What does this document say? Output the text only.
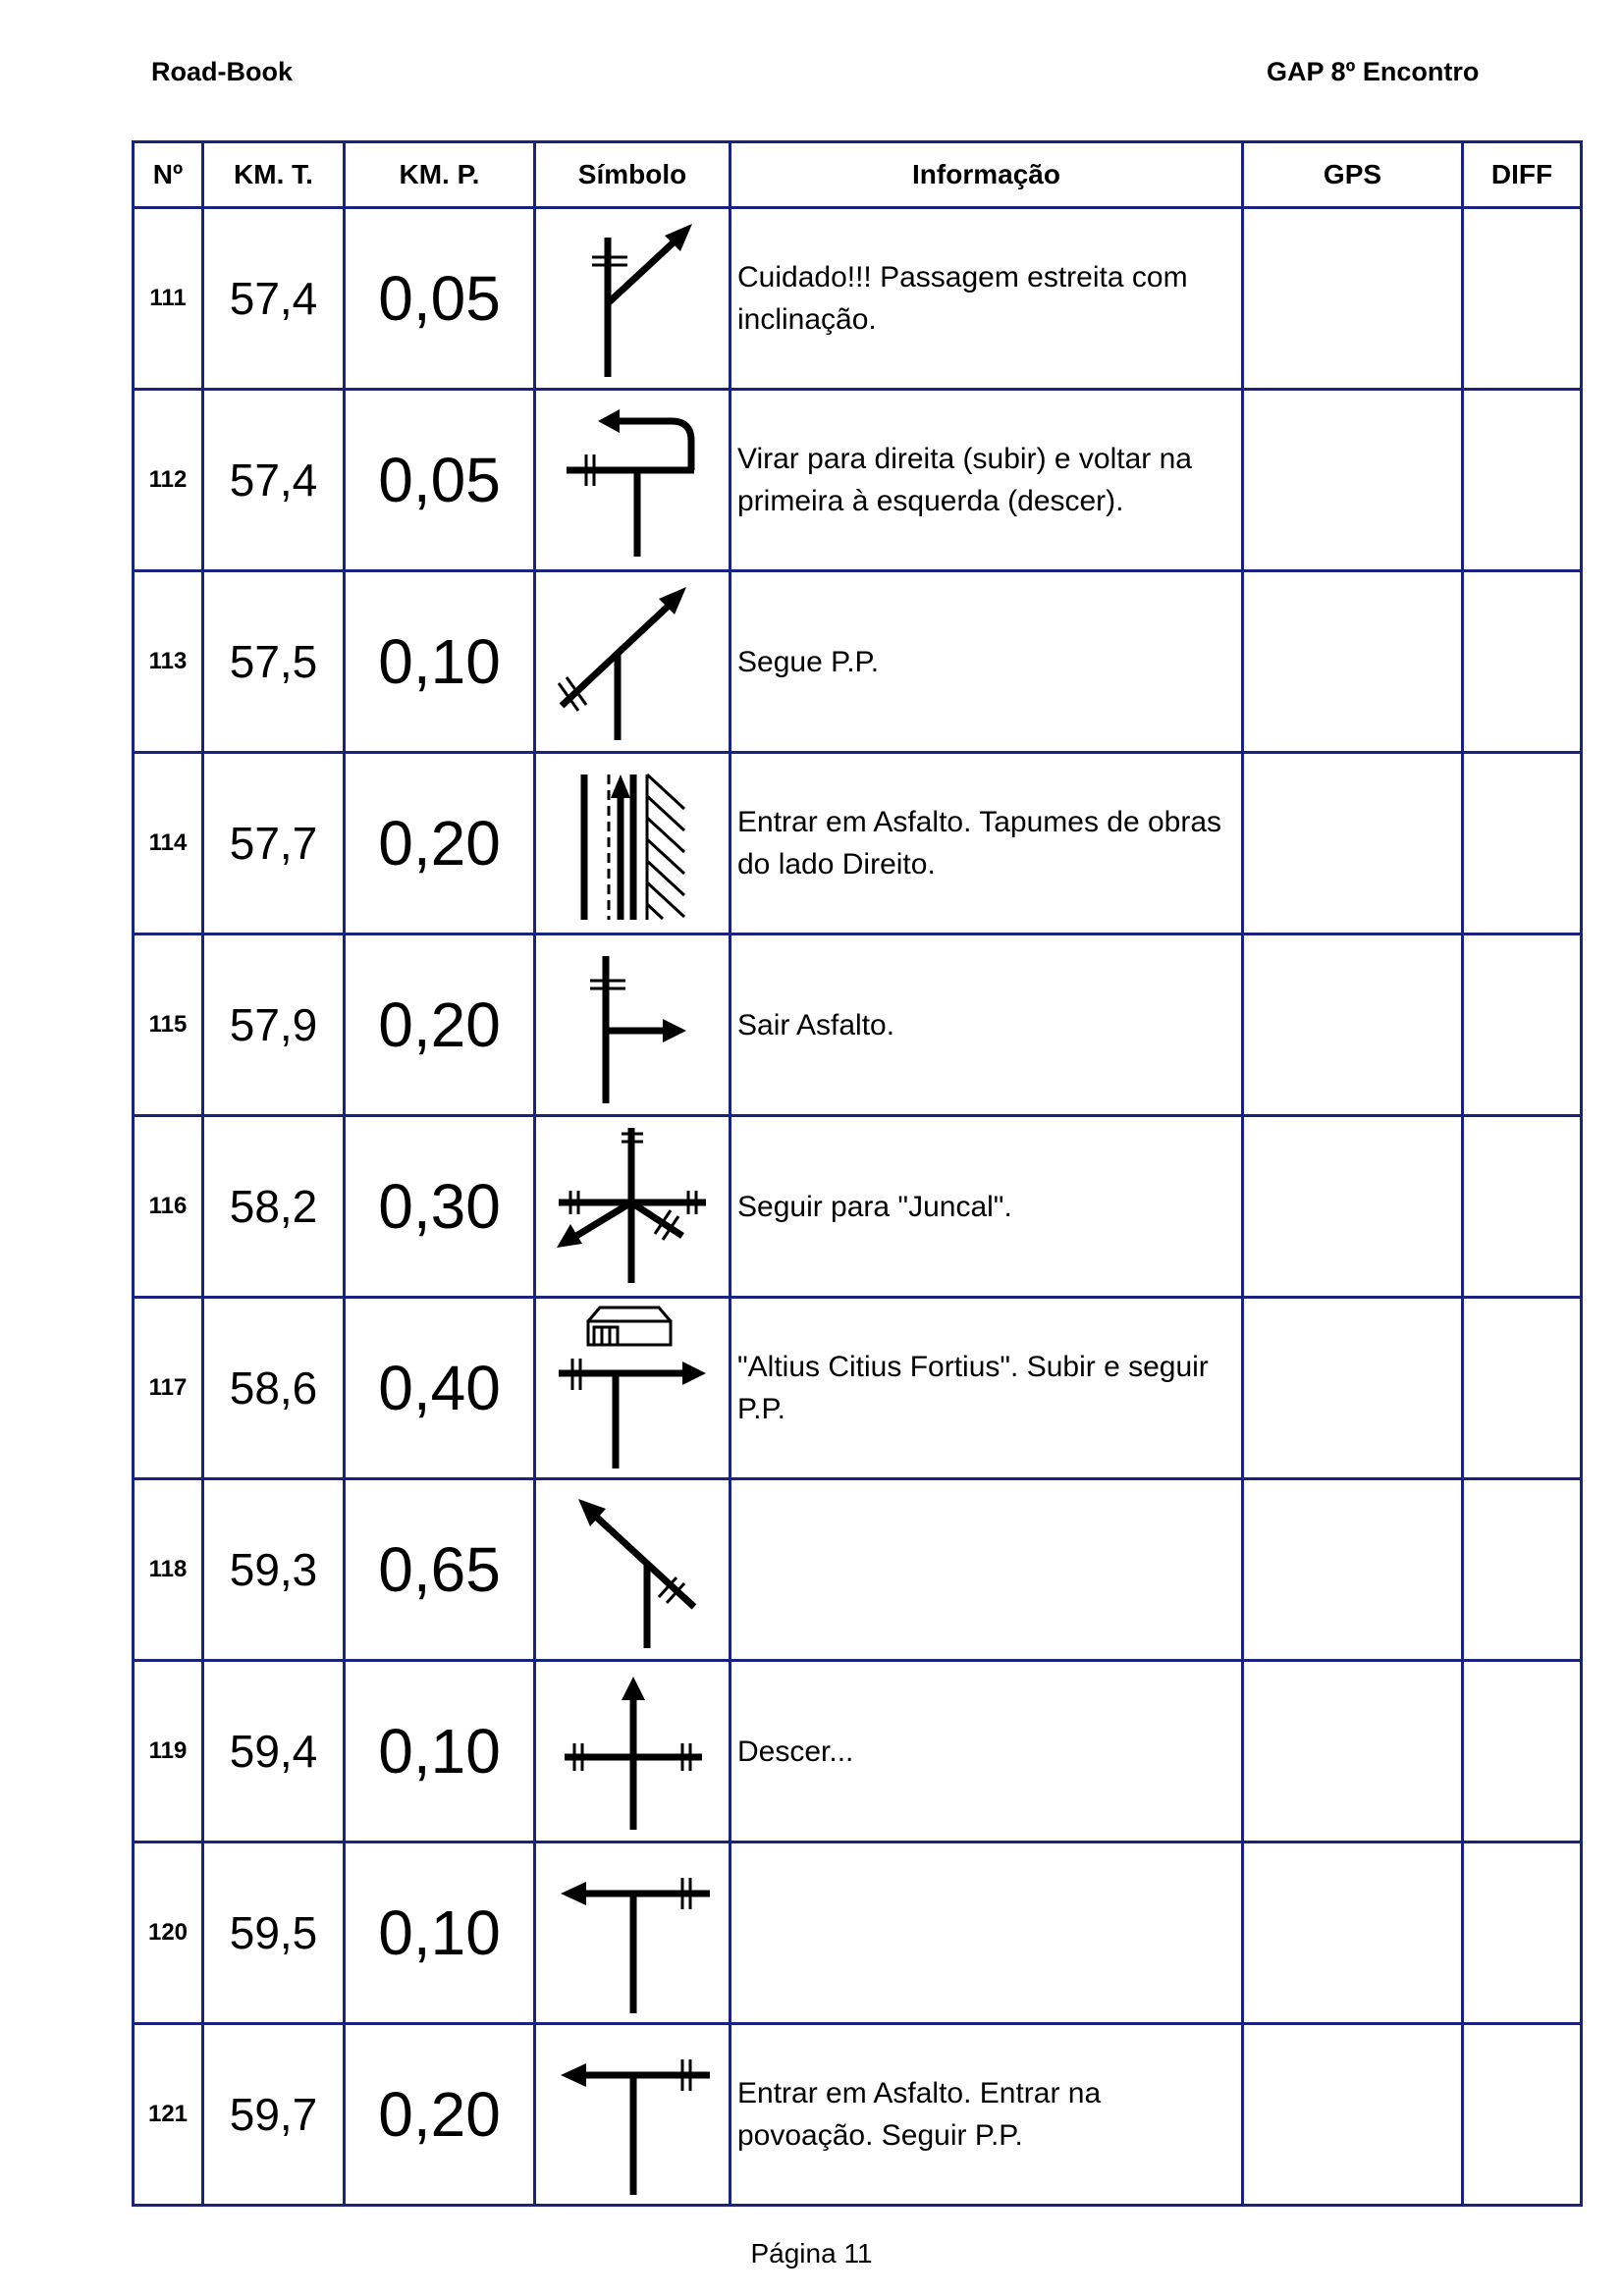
Road-Book	GAP 8º Encontro
Nº	KM. T.	KM. P.	Símbolo	Informação	GPS	DIFF
111	57,4	0,05		Cuidado!!! Passagem estreita com inclinação.		
112	57,4	0,05		Virar para direita (subir) e voltar na primeira à esquerda (descer).		
113	57,5	0,10		Segue P.P.		
114	57,7	0,20		Entrar em Asfalto. Tapumes de obras do lado Direito.		
115	57,9	0,20		Sair Asfalto.		
116	58,2	0,30		Seguir para "Juncal".		
117	58,6	0,40		"Altius Citius Fortius". Subir e seguir P.P.		
118	59,3	0,65	

119	59,4	0,10		Descer...		
120	59,5	0,10	

121	59,7	0,20		Entrar em Asfalto. Entrar na povoação. Seguir P.P.		
Página 11
